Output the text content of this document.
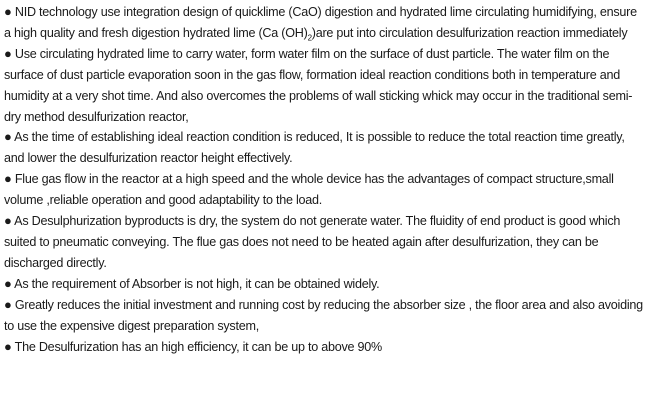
● NID technology use integration design of quicklime (CaO) digestion and hydrated lime circulating humidifying, ensure a high quality and fresh digestion hydrated lime (Ca $(OH)_2)are$ put into circulation desulfurization reaction immediately

● Use circulating hydrated lime to carry water, form water film on the surface of dust particle. The water film on the surface of dust particle evaporation soon in the gas flow, formation ideal reaction conditions both in temperature and humidity at a very shot time. And also overcomes the problems of wall sticking whick may occur in the traditional semi-dry method desulfurization reactor,

● As the time of establishing ideal reaction condition is reduced, It is possible to reduce the total reaction time greatly, and lower the desulfurization reactor height effectively.

● Flue gas flow in the reactor at a high speed and the whole device has the advantages of compact structure,small volume ,reliable operation and good adaptability to the load.

● As Desulphurization byproducts is dry, the system do not generate water. The fluidity of end product is good which suited to pneumatic conveying. The flue gas does not need to be heated again after desulfurization, they can be discharged directly.

● As the requirement of Absorber is not high, it can be obtained widely.

● Greatly reduces the initial investment and running cost by reducing the absorber size , the floor area and also avoiding to use the expensive digest preparation system,

● The Desulfurization has an high efficiency, it can be up to above 90%
